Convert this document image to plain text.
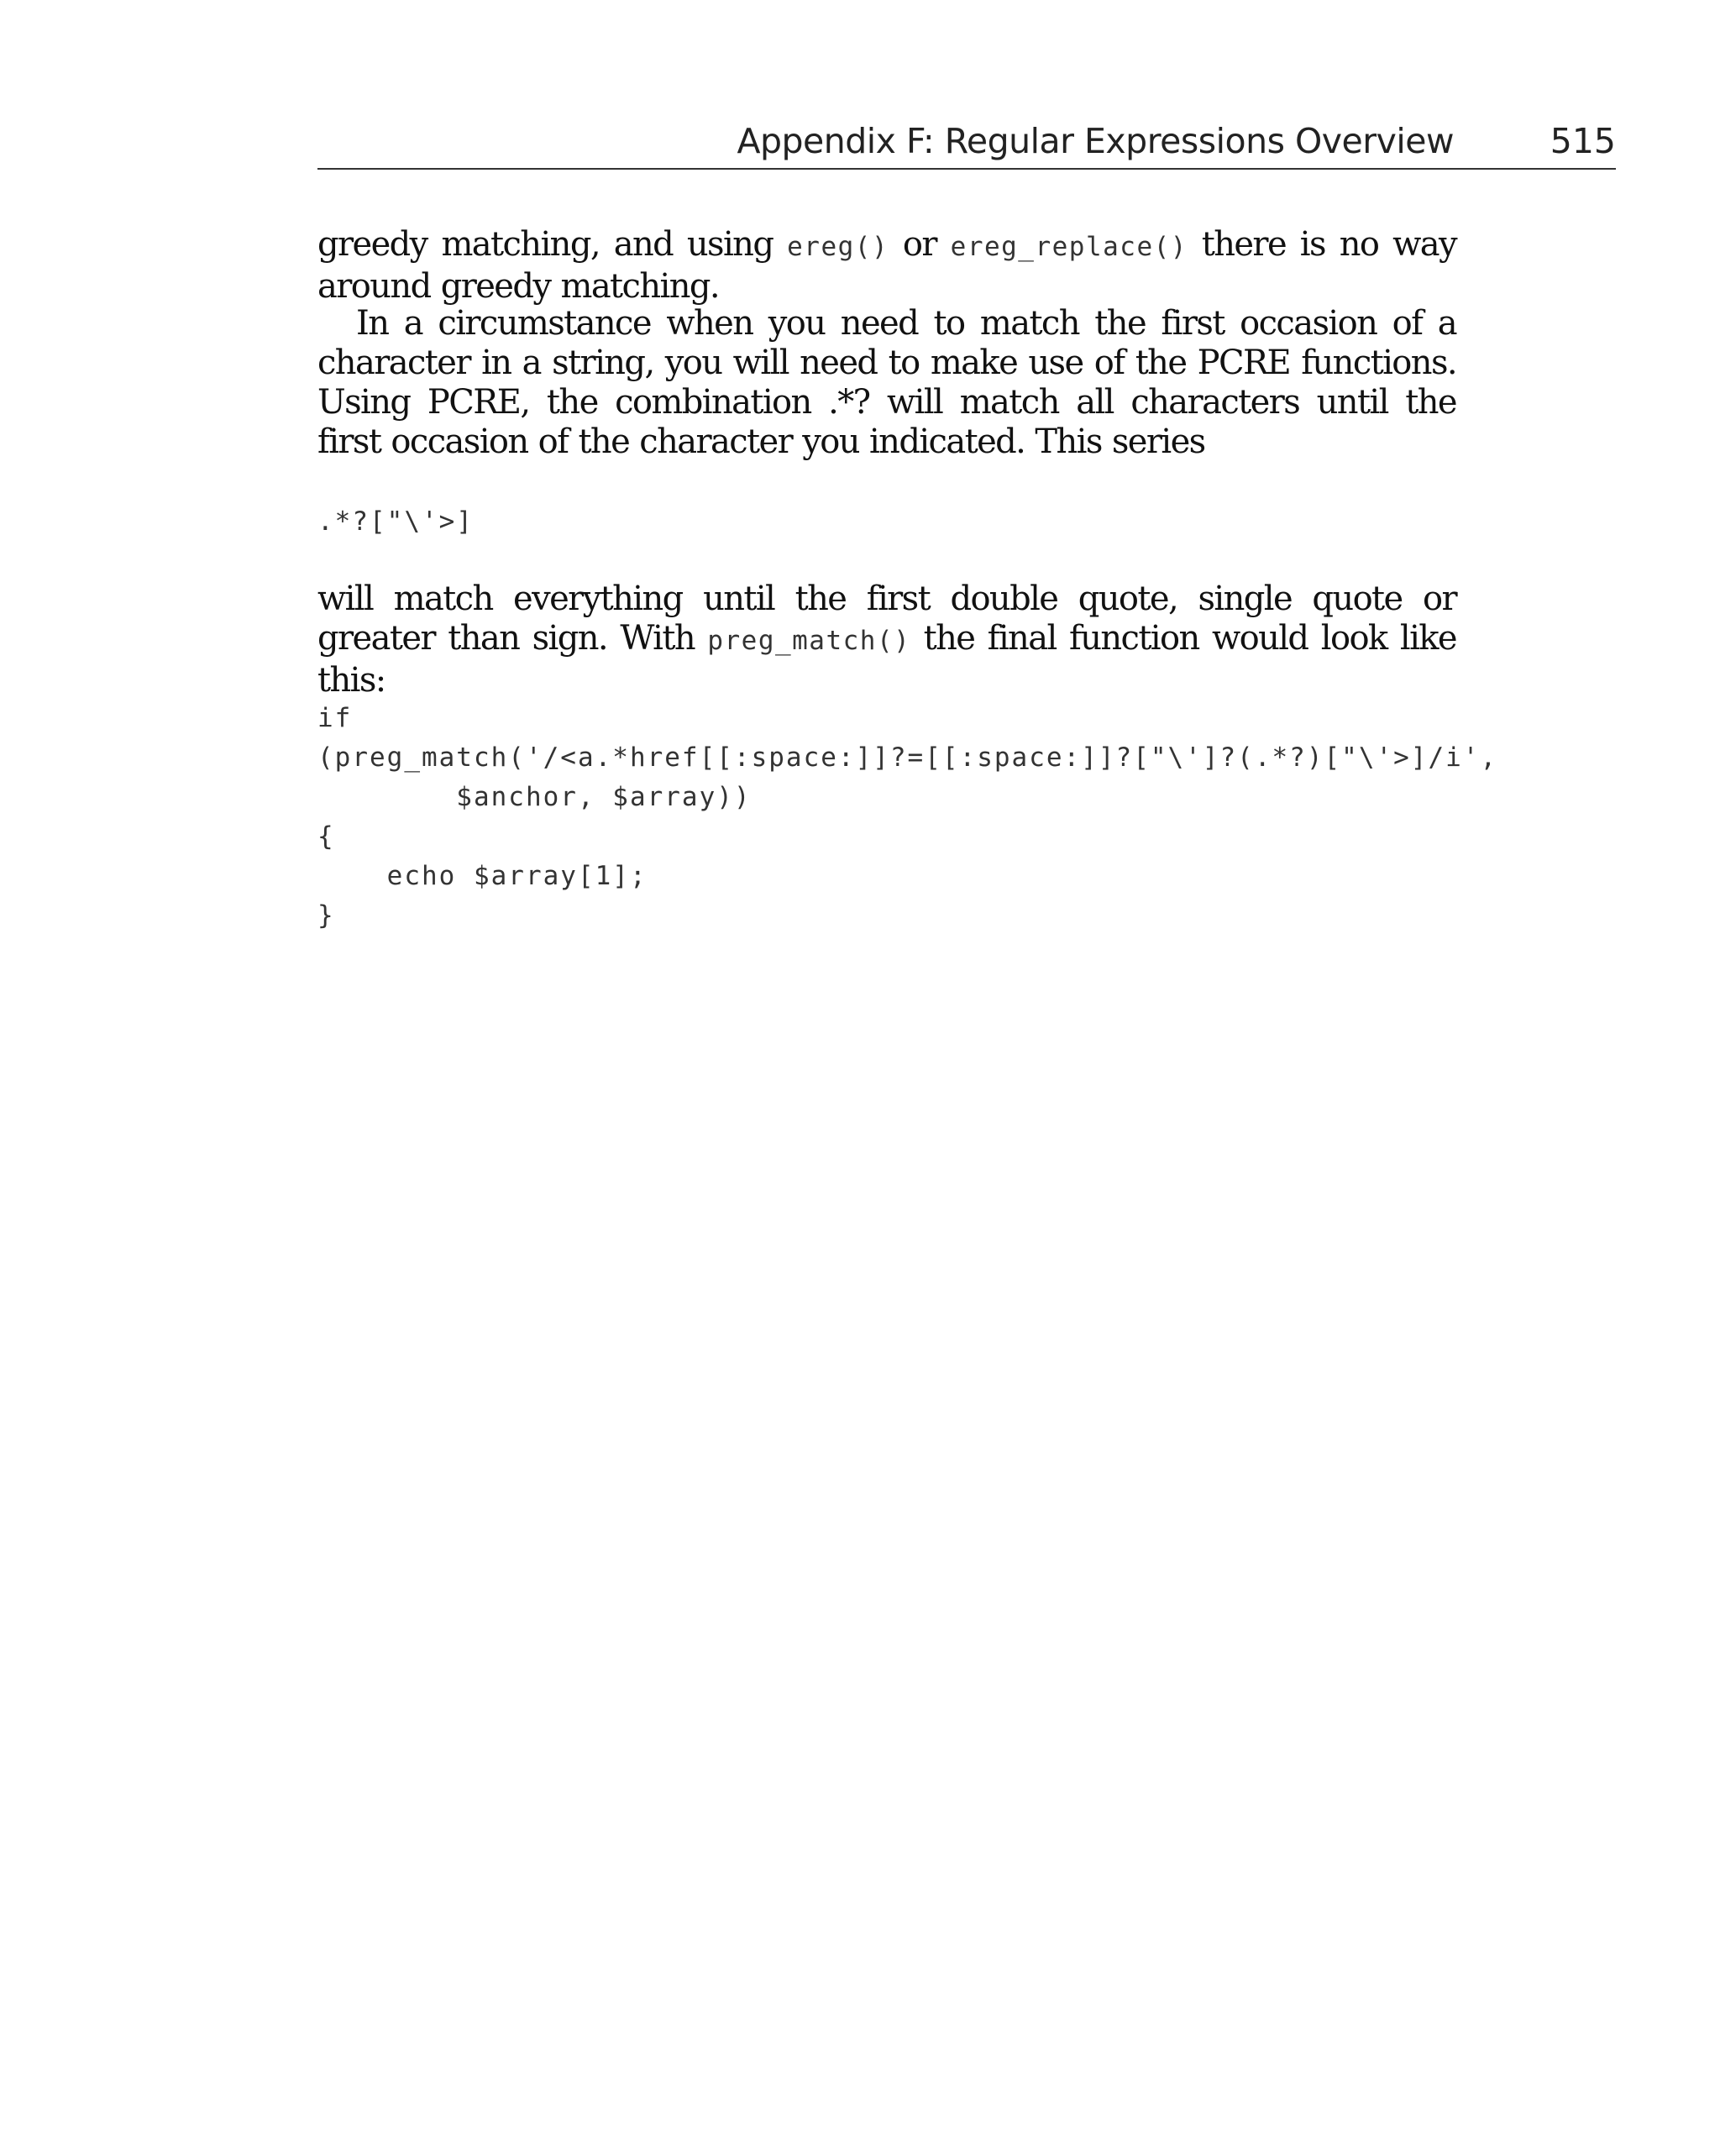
Appendix F: Regular Expressions Overview	515

greedy matching, and using ereg() or ereg_replace() there is no way around greedy matching.

In a circumstance when you need to match the first occasion of a character in a string, you will need to make use of the PCRE functions. Using PCRE, the combination .*? will match all characters until the first occasion of the character you indicated. This series

.*?["\'>]

will match everything until the first double quote, single quote or greater than sign. With preg_match() the final function would look like this:

if
(preg_match('/<a.*href[[:space:]]?=[[:space:]]?["\']?(.*?)["\'>]/i',
$anchor, $array))
{
echo $array[1];
}
